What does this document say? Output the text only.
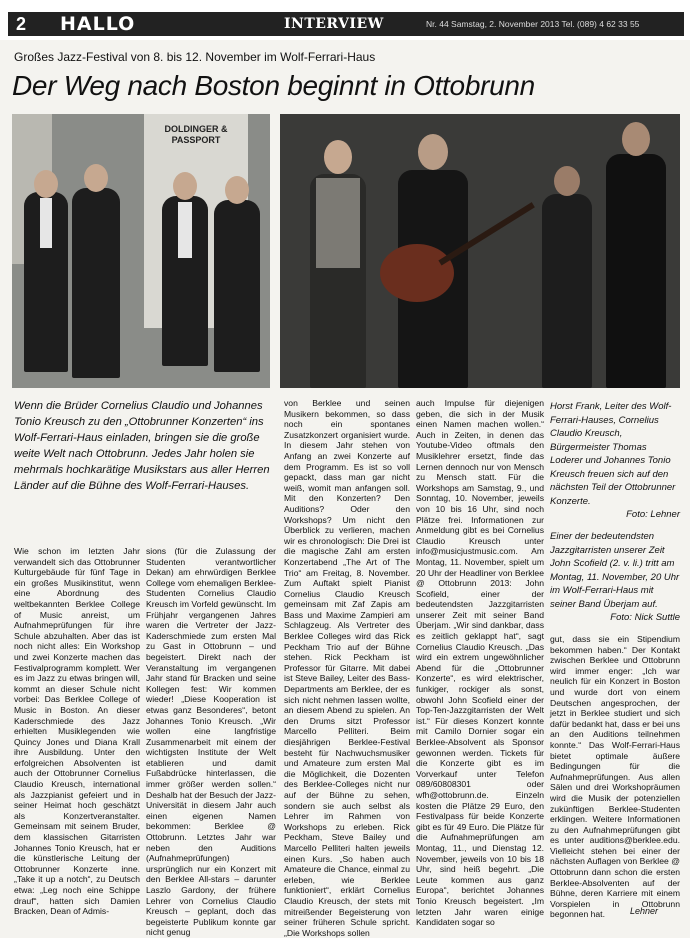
2	HALLO	INTERVIEW	Nr. 44 Samstag, 2. November 2013 Tel. (089) 4 62 33 55
Großes Jazz-Festival von 8. bis 12. November im Wolf-Ferrari-Haus
Der Weg nach Boston beginnt in Ottobrunn
DOLDINGER & PASSPORT
Wenn die Brüder Cornelius Claudio und Johannes Tonio Kreusch zu den „Ottobrunner Konzerten“ ins Wolf-Ferrari-Haus einladen, bringen sie die große weite Welt nach Ottobrunn. Jedes Jahr holen sie mehrmals hochkarätige Musikstars aus aller Herren Länder auf die Bühne des Wolf-Ferrari-Hauses.

Horst Frank, Leiter des Wolf-Ferrari-Hauses, Cornelius Claudio Kreusch, Bürgermeister Thomas Loderer und Johannes Tonio Kreusch freuen sich auf den nächsten Teil der Ottobrunner Konzerte.

Foto: Lehner

Einer der bedeutendsten Jazzgitarristen unserer Zeit John Scofield (2. v. li.) tritt am Montag, 11. November, 20 Uhr im Wolf-Ferrari-Haus mit seiner Band Überjam auf.

Foto: Nick Suttle

Wie schon im letzten Jahr verwandelt sich das Ottobrunner Kulturgebäude für fünf Tage in ein großes Musikinstitut, wenn eine Abordnung des weltbekannten Berklee College of Music anreist, um Aufnahmeprüfungen für ihre Schule abzuhalten. Aber das ist noch nicht alles: Ein Workshop und zwei Konzerte machen das Festivalprogramm komplett. Wer es im Jazz zu etwas bringen will, kommt an dieser Schule nicht vorbei: Das Berklee College of Music in Boston. An dieser Kaderschmiede des Jazz erhielten Musiklegenden wie Quincy Jones und Diana Krall ihre Ausbildung. Unter den erfolgreichen Absolventen ist auch der Ottobrunner Cornelius Claudio Kreusch, international als Jazzpianist gefeiert und in seiner Heimat hoch geschätzt als Konzertveranstalter. Gemeinsam mit seinem Bruder, dem klassischen Gitarristen Johannes Tonio Kreusch, hat er die künstlerische Leitung der Ottobrunner Konzerte inne. „Take it up a notch“, zu Deutsch etwa: „Leg noch eine Schippe drauf“, hatten sich Damien Bracken, Dean of Admis-
sions (für die Zulassung der Studenten verantwortlicher Dekan) am ehrwürdigen Berklee College vom ehemaligen Berklee-Studenten Cornelius Claudio Kreusch im Vorfeld gewünscht. Im Frühjahr vergangenen Jahres waren die Vertreter der Jazz-Kaderschmiede zum ersten Mal zu Gast in Ottobrunn – und begeistert. Direkt nach der Veranstaltung im vergangenen Jahr stand für Bracken und seine Kollegen fest: Wir kommen wieder! „Diese Kooperation ist etwas ganz Besonderes“, betont Johannes Tonio Kreusch. „Wir wollen eine langfristige Zusammenarbeit mit einem der wichtigsten Institute der Welt etablieren und damit Fußabdrücke hinterlassen, die immer größer werden sollen.“ Deshalb hat der Besuch der Jazz-Universität in diesem Jahr auch einen eigenen Namen bekommen: Berklee @ Ottobrunn. Letztes Jahr war neben den Auditions (Aufnahmeprüfungen) ursprünglich nur ein Konzert mit den Berklee All-stars – darunter Laszlo Gardony, der frühere Lehrer von Cornelius Claudio Kreusch – geplant, doch das begeisterte Publikum konnte gar nicht genug
von Berklee und seinen Musikern bekommen, so dass noch ein spontanes Zusatzkonzert organisiert wurde. In diesem Jahr stehen von Anfang an zwei Konzerte auf dem Programm. Es ist so voll gepackt, dass man gar nicht weiß, womit man anfangen soll. Mit den Konzerten? Den Auditions? Oder den Workshops? Um nicht den Überblick zu verlieren, machen wir es chronologisch: Die Drei ist die magische Zahl am ersten Konzertabend „The Art of The Trio“ am Freitag, 8. November. Zum Auftakt spielt Pianist Cornelius Claudio Kreusch gemeinsam mit Zaf Zapis am Bass und Maxime Zampieri am Schlagzeug. Als Vertreter des Berklee Colleges wird das Rick Peckham Trio auf der Bühne stehen. Rick Peckham ist Professor für Gitarre. Mit dabei ist Steve Bailey, Leiter des Bass-Departments am Berklee, der es sich nicht nehmen lassen wollte, an diesem Abend zu spielen. An den Drums sitzt Professor Marcello Pelliteri. Beim diesjährigen Berklee-Festival besteht für Nachwuchsmusiker und Amateure zum ersten Mal die Möglichkeit, die Dozenten des Berklee-Colleges nicht nur auf der Bühne zu sehen, sondern sie auch selbst als Lehrer im Rahmen von Workshops zu erleben. Rick Peckham, Steve Bailey und Marcello Pelliteri halten jeweils einen Kurs. „So haben auch Amateure die Chance, einmal zu erleben, wie Berklee funktioniert“, erklärt Cornelius Claudio Kreusch, der stets mit mitreißender Begeisterung von seiner früheren Schule spricht. „Die Workshops sollen
auch Impulse für diejenigen geben, die sich in der Musik einen Namen machen wollen.“ Auch in Zeiten, in denen das Youtube-Video oftmals den Musiklehrer ersetzt, finde das Lernen dennoch nur von Mensch zu Mensch statt. Für die Workshops am Samstag, 9., und Sonntag, 10. November, jeweils von 10 bis 16 Uhr, sind noch Plätze frei. Informationen zur Anmeldung gibt es bei Cornelius Claudio Kreusch unter info@musicjustmusic.com. Am Montag, 11. November, spielt um 20 Uhr der Headliner von Berklee @ Ottobrunn 2013: John Scofield, einer der bedeutendsten Jazzgitarristen unserer Zeit mit seiner Band Überjam. „Wir sind dankbar, dass es zeitlich geklappt hat“, sagt Cornelius Claudio Kreusch. „Das wird ein extrem ungewöhnlicher Abend für die „Ottobrunner Konzerte“, es wird elektrischer, funkiger, rockiger als sonst, obwohl John Scofield einer der Top-Ten-Jazzgitarristen der Welt ist.“ Für dieses Konzert konnte mit Camilo Dornier sogar ein Berklee-Absolvent als Sponsor gewonnen werden. Tickets für die Konzerte gibt es im Vorverkauf unter Telefon 089/60808301 oder wfh@ottobrunn.de. Einzeln kosten die Plätze 29 Euro, den Festivalpass für beide Konzerte gibt es für 49 Euro. Die Plätze für die Aufnahmeprüfungen am Montag, 11., und Dienstag 12. November, jeweils von 10 bis 18 Uhr, sind heiß begehrt. „Die Leute kommen aus ganz Europa“, berichtet Johannes Tonio Kreusch begeistert. „Im letzten Jahr waren einige Kandidaten sogar so
gut, dass sie ein Stipendium bekommen haben.“ Der Kontakt zwischen Berklee und Ottobrunn wird immer enger: „Ich war neulich für ein Konzert in Boston und wurde dort von einem Deutschen angesprochen, der jetzt in Berklee studiert und sich dafür bedankt hat, dass er bei uns an den Auditions teilnehmen konnte.“ Das Wolf-Ferrari-Haus bietet optimale äußere Bedingungen für die Aufnahmeprüfungen. Aus allen Sälen und drei Workshopräumen wird die Musik der potenziellen zukünftigen Berklee-Studenten erklingen. Weitere Informationen zu den Aufnahmeprüfungen gibt es unter auditions@berklee.edu. Vielleicht stehen bei einer der nächsten Auflagen von Berklee @ Ottobrunn dann schon die ersten Berklee-Absolventen auf der Bühne, deren Karriere mit einem Vorspielen in Ottobrunn begonnen hat.	Lehner
